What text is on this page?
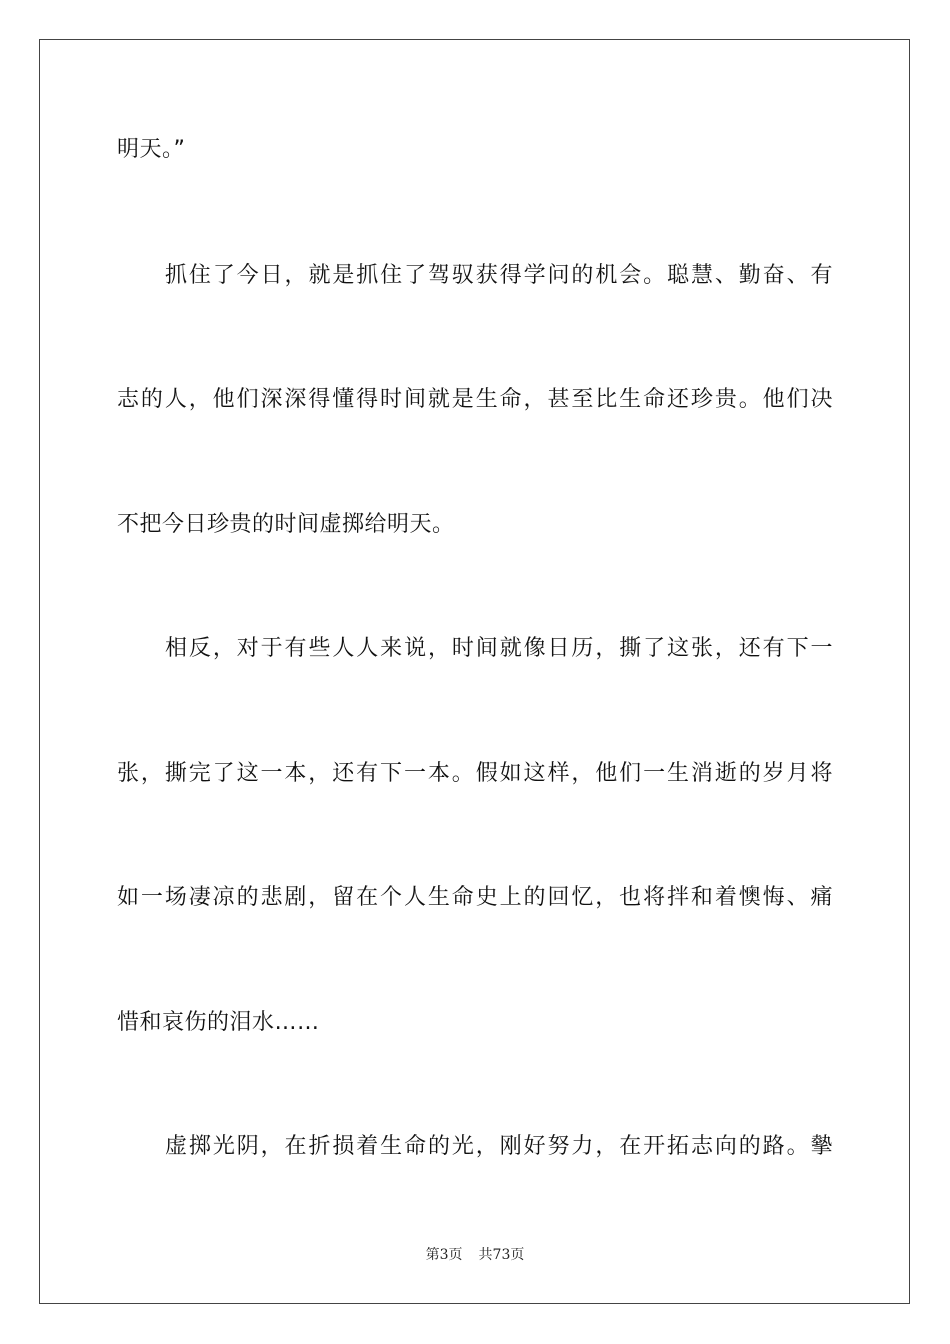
明天。”
抓住了今日，就是抓住了驾驭获得学问的机会。聪慧、勤奋、有
志的人，他们深深得懂得时间就是生命，甚至比生命还珍贵。他们决
不把今日珍贵的时间虚掷给明天。
相反，对于有些人人来说，时间就像日历，撕了这张，还有下一
张，撕完了这一本，还有下一本。假如这样，他们一生消逝的岁月将
如一场凄凉的悲剧，留在个人生命史上的回忆，也将拌和着懊悔、痛
惜和哀伤的泪水……
虚掷光阴，在折损着生命的光，刚好努力，在开拓志向的路。摰
第3页 共73页
